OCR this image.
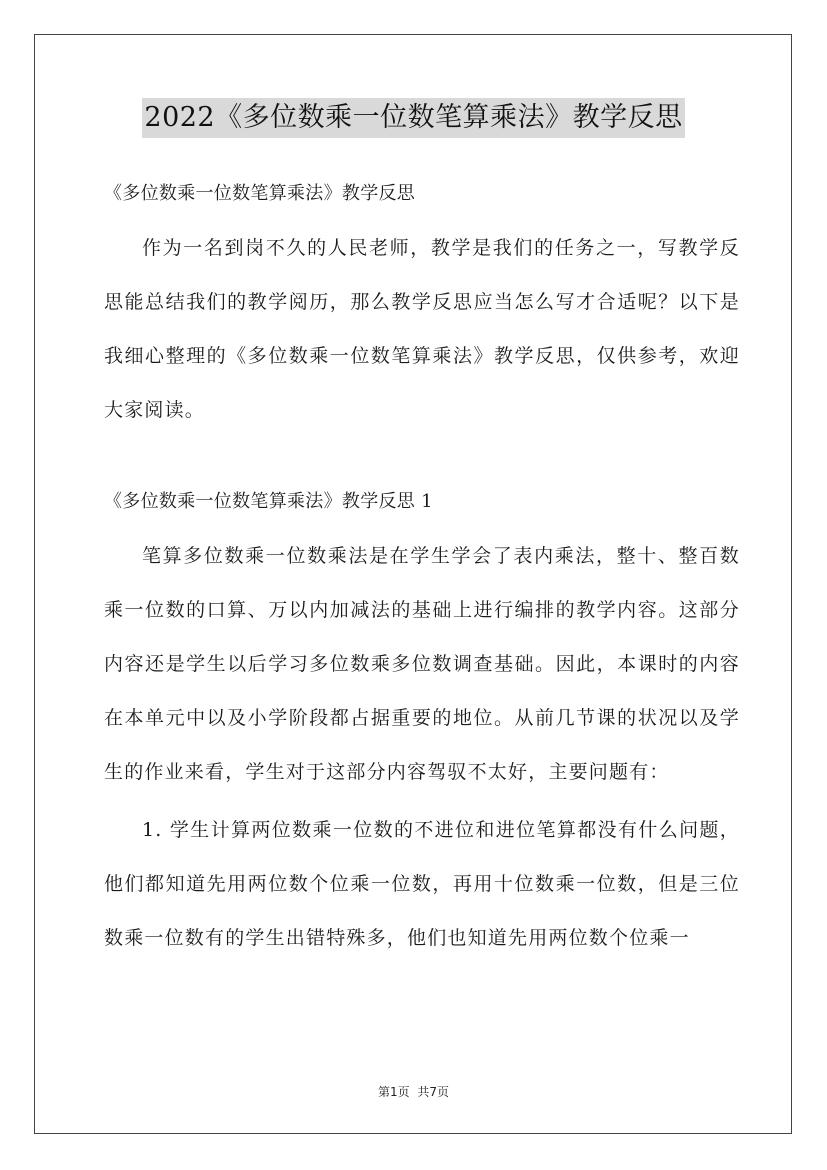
2022《多位数乘一位数笔算乘法》教学反思

《多位数乘一位数笔算乘法》教学反思

作为一名到岗不久的人民老师，教学是我们的任务之一，写教学反思能总结我们的教学阅历，那么教学反思应当怎么写才合适呢？以下是我细心整理的《多位数乘一位数笔算乘法》教学反思，仅供参考，欢迎大家阅读。

《多位数乘一位数笔算乘法》教学反思 1

笔算多位数乘一位数乘法是在学生学会了表内乘法，整十、整百数乘一位数的口算、万以内加减法的基础上进行编排的教学内容。这部分内容还是学生以后学习多位数乘多位数调查基础。因此，本课时的内容在本单元中以及小学阶段都占据重要的地位。从前几节课的状况以及学生的作业来看，学生对于这部分内容驾驭不太好，主要问题有：

1. 学生计算两位数乘一位数的不进位和进位笔算都没有什么问题，他们都知道先用两位数个位乘一位数，再用十位数乘一位数，但是三位数乘一位数有的学生出错特殊多，他们也知道先用两位数个位乘一

第1页 共7页
